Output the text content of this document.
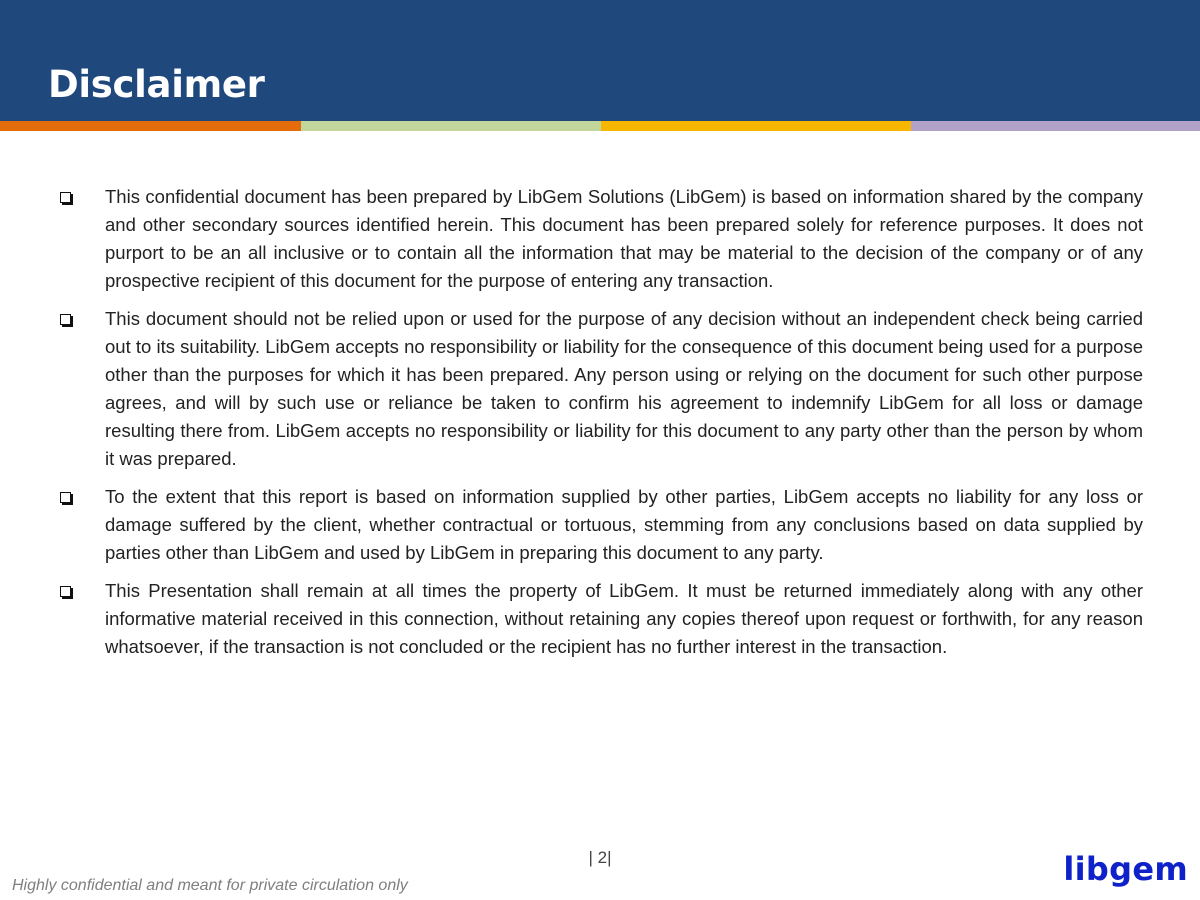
Disclaimer
This confidential document has been prepared by LibGem Solutions (LibGem) is based on information shared by the company and other secondary sources identified herein. This document has been prepared solely for reference purposes. It does not purport to be an all inclusive or to contain all the information that may be material to the decision of the company or of any prospective recipient of this document for the purpose of entering any transaction.
This document should not be relied upon or used for the purpose of any decision without an independent check being carried out to its suitability. LibGem accepts no responsibility or liability for the consequence of this document being used for a purpose other than the purposes for which it has been prepared. Any person using or relying on the document for such other purpose agrees, and will by such use or reliance be taken to confirm his agreement to indemnify LibGem for all loss or damage resulting there from. LibGem accepts no responsibility or liability for this document to any party other than the person by whom it was prepared.
To the extent that this report is based on information supplied by other parties, LibGem accepts no liability for any loss or damage suffered by the client, whether contractual or tortuous, stemming from any conclusions based on data supplied by parties other than LibGem and used by LibGem in preparing this document to any party.
This Presentation shall remain at all times the property of LibGem. It must be returned immediately along with any other informative material received in this connection, without retaining any copies thereof upon request or forthwith, for any reason whatsoever, if the transaction is not concluded or the recipient has no further interest in the transaction.
| 2|
Highly confidential and meant for private circulation only	libgem
